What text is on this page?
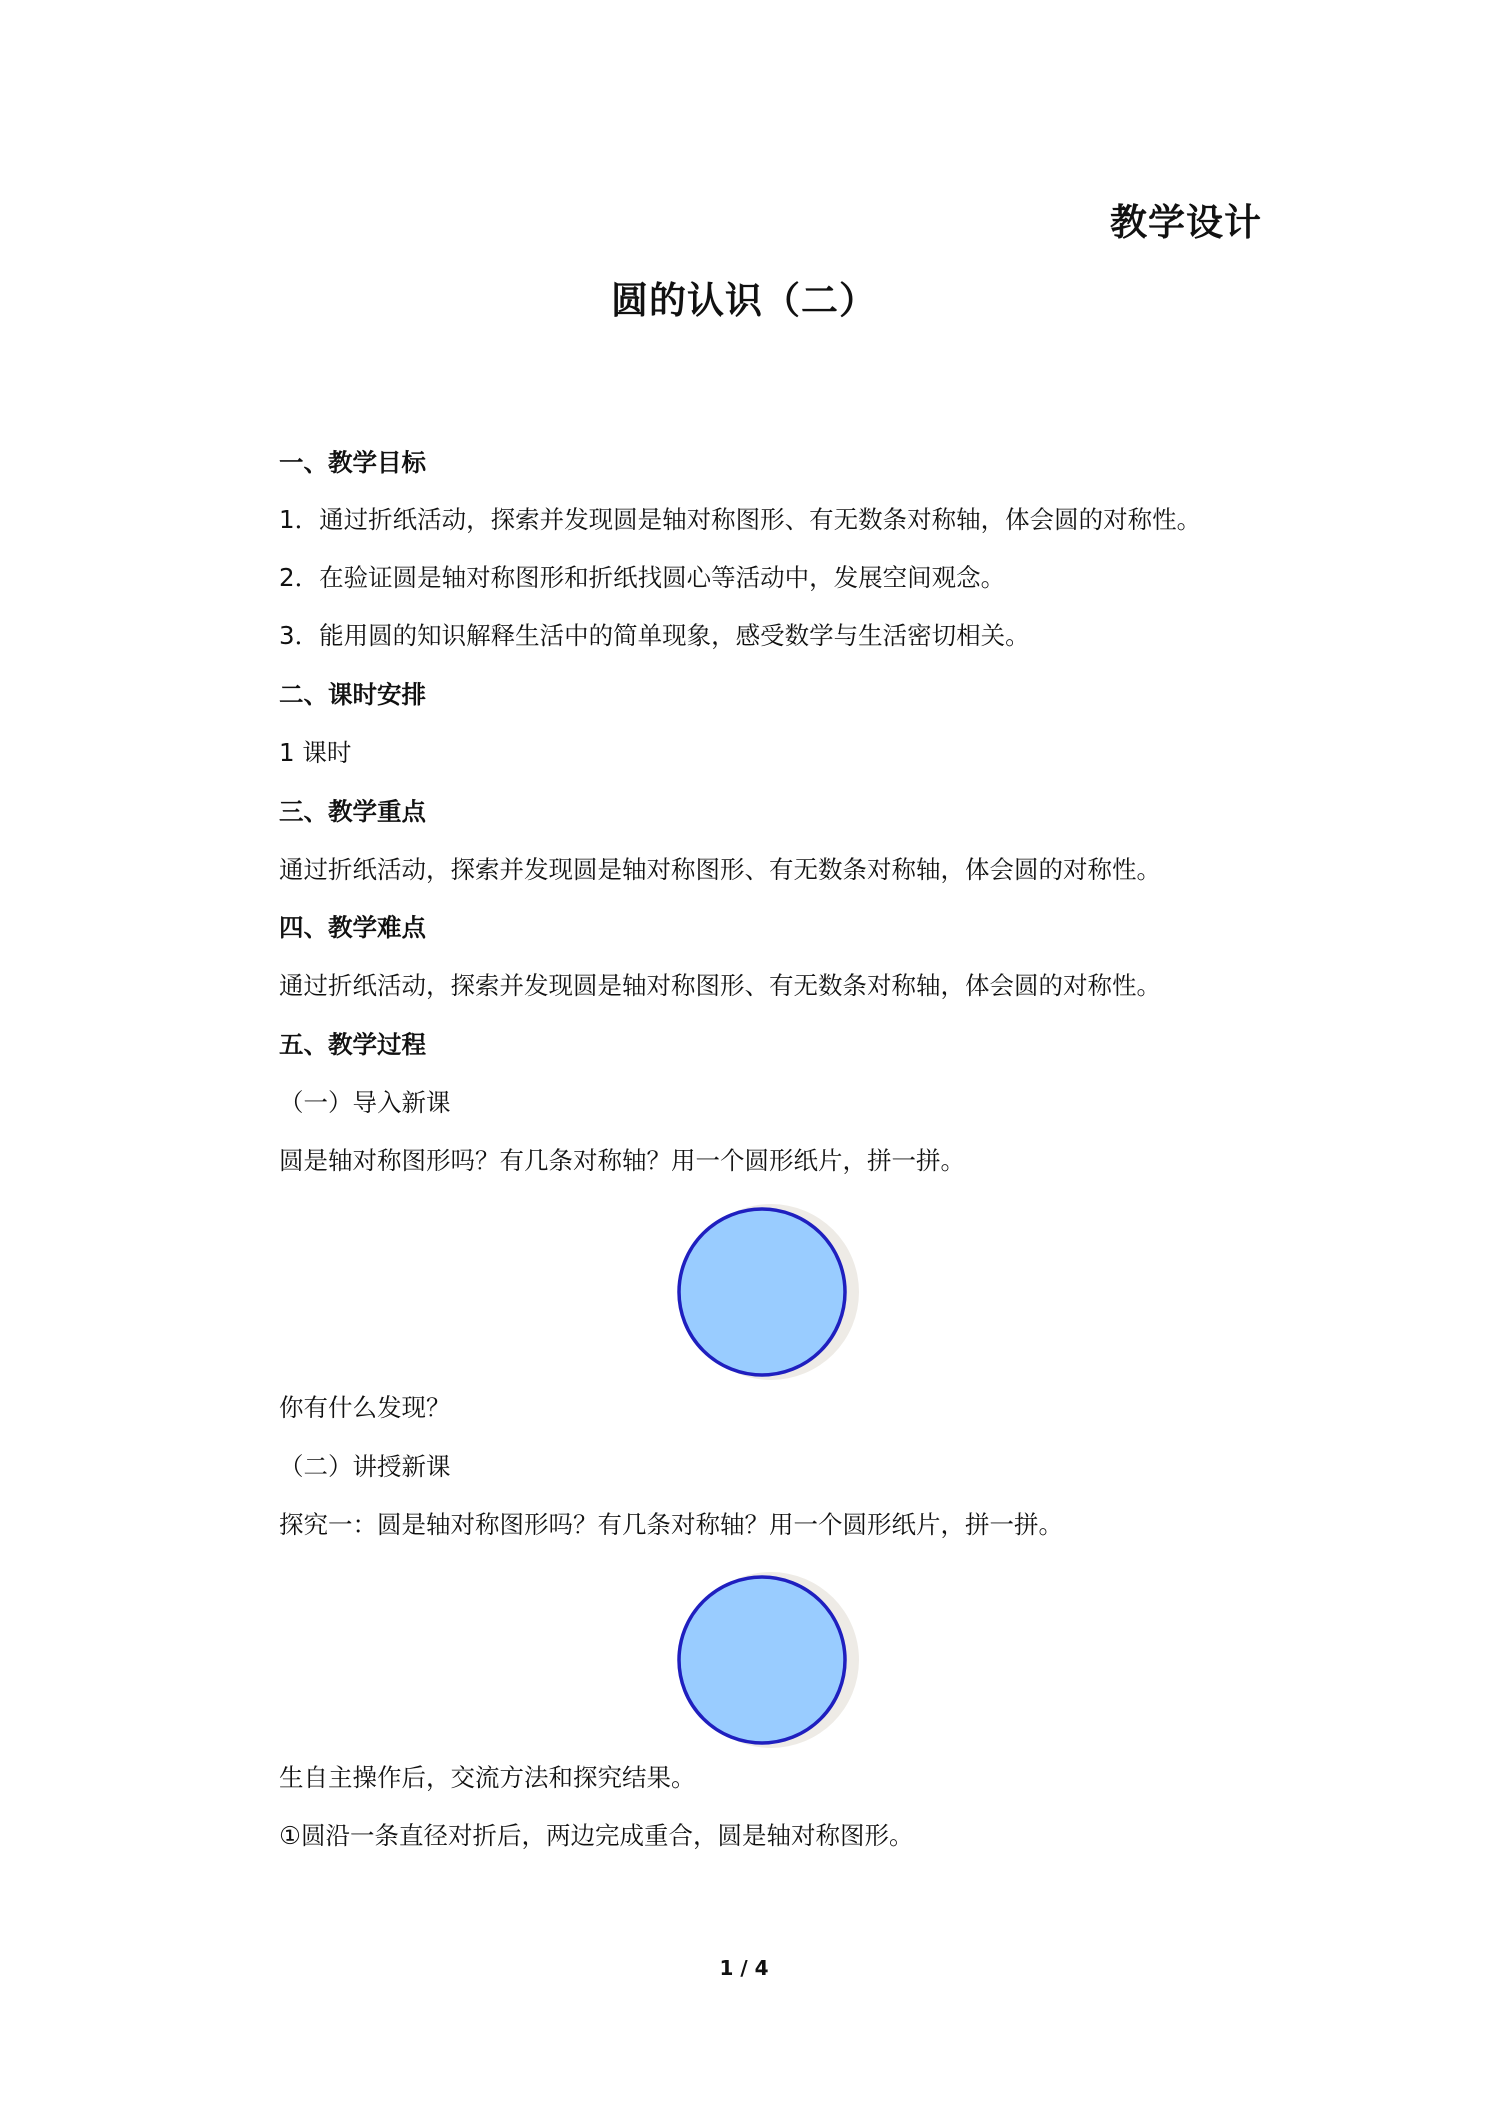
教学设计
圆的认识（二）
一、教学目标
1．通过折纸活动，探索并发现圆是轴对称图形、有无数条对称轴，体会圆的对称性。
2．在验证圆是轴对称图形和折纸找圆心等活动中，发展空间观念。
3．能用圆的知识解释生活中的简单现象，感受数学与生活密切相关。
二、课时安排
1 课时
三、教学重点
通过折纸活动，探索并发现圆是轴对称图形、有无数条对称轴，体会圆的对称性。
四、教学难点
通过折纸活动，探索并发现圆是轴对称图形、有无数条对称轴，体会圆的对称性。
五、教学过程
（一）导入新课
圆是轴对称图形吗？有几条对称轴？用一个圆形纸片，拼一拼。
你有什么发现？
（二）讲授新课
探究一：圆是轴对称图形吗？有几条对称轴？用一个圆形纸片，拼一拼。
生自主操作后，交流方法和探究结果。
①圆沿一条直径对折后，两边完成重合，圆是轴对称图形。
1 / 4
